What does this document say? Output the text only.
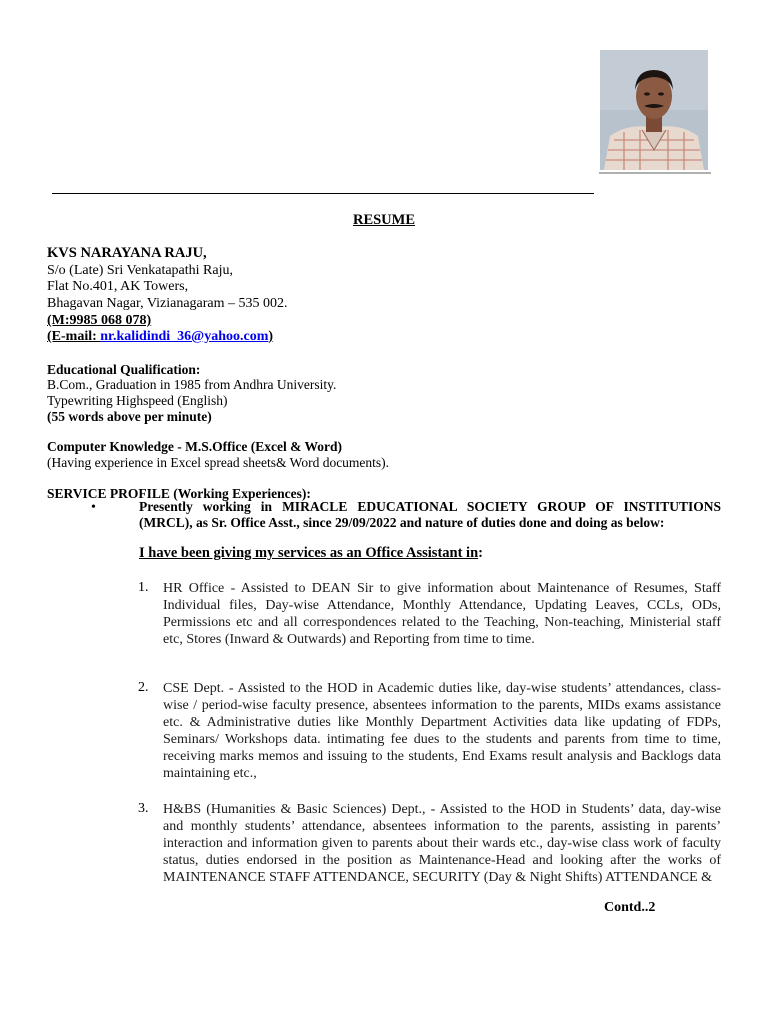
RESUME
KVS NARAYANA RAJU,
S/o (Late) Sri Venkatapathi Raju,
Flat No.401, AK Towers,
Bhagavan Nagar, Vizianagaram – 535 002.
(M:9985 068 078)
(E-mail: nr.kalidindi_36@yahoo.com)
Educational Qualification:
B.Com., Graduation in 1985 from Andhra University.
Typewriting Highspeed (English)
(55 words above per minute)
Computer Knowledge - M.S.Office (Excel & Word)
(Having experience in Excel spread sheets& Word documents).
SERVICE PROFILE (Working Experiences):
•	Presently working in MIRACLE EDUCATIONAL SOCIETY GROUP OF INSTITUTIONS (MRCL), as Sr. Office Asst., since 29/09/2022 and nature of duties done and doing as below:
I have been giving my services as an Office Assistant in:
1. HR Office - Assisted to DEAN Sir to give information about Maintenance of Resumes, Staff Individual files, Day-wise Attendance, Monthly Attendance, Updating Leaves, CCLs, ODs, Permissions etc and all correspondences related to the Teaching, Non-teaching, Ministerial staff etc, Stores (Inward & Outwards) and Reporting from time to time.
2. CSE Dept. - Assisted to the HOD in Academic duties like, day-wise students’ attendances, class-wise / period-wise faculty presence, absentees information to the parents, MIDs exams assistance etc. & Administrative duties like Monthly Department Activities data like updating of FDPs, Seminars/ Workshops data. intimating fee dues to the students and parents from time to time, receiving marks memos and issuing to the students, End Exams result analysis and Backlogs data maintaining etc.,
3. H&BS (Humanities & Basic Sciences) Dept., - Assisted to the HOD in Students’ data, day-wise and monthly students’ attendance, absentees information to the parents, assisting in parents’ interaction and information given to parents about their wards etc., day-wise class work of faculty status, duties endorsed in the position as Maintenance-Head and looking after the works of MAINTENANCE STAFF ATTENDANCE, SECURITY (Day & Night Shifts) ATTENDANCE &
Contd..2
